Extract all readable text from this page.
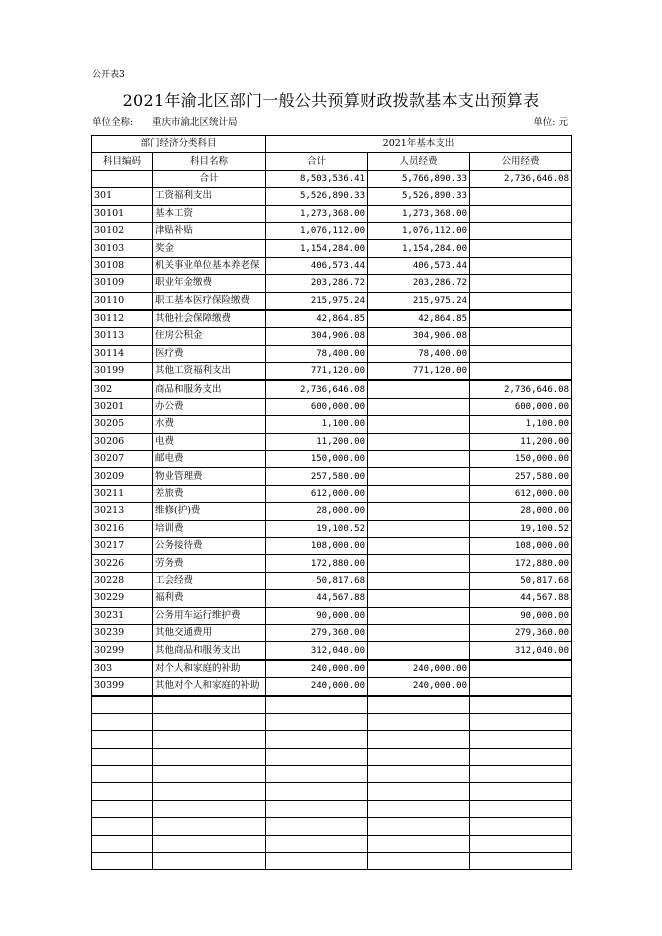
公开表3
2021年渝北区部门一般公共预算财政拨款基本支出预算表
单位全称: 重庆市渝北区统计局	单位: 元
部门经济分类科目		2021年基本支出		
科目编码	科目名称	合计	人员经费	公用经费
	合计	8,503,536.41	5,766,890.33	2,736,646.08
301	工资福利支出	5,526,890.33	5,526,890.33	
30101	基本工资	1,273,368.00	1,273,368.00	
30102	津贴补贴	1,076,112.00	1,076,112.00	
30103	奖金	1,154,284.00	1,154,284.00	
30108	机关事业单位基本养老保	406,573.44	406,573.44	
30109	职业年金缴费	203,286.72	203,286.72	
30110	职工基本医疗保险缴费	215,975.24	215,975.24	
30112	其他社会保障缴费	42,864.85	42,864.85	
30113	住房公积金	304,906.08	304,906.08	
30114	医疗费	78,400.00	78,400.00	
30199	其他工资福利支出	771,120.00	771,120.00	
302	商品和服务支出	2,736,646.08		2,736,646.08
30201	办公费	600,000.00		600,000.00
30205	水费	1,100.00		1,100.00
30206	电费	11,200.00		11,200.00
30207	邮电费	150,000.00		150,000.00
30209	物业管理费	257,580.00		257,580.00
30211	差旅费	612,000.00		612,000.00
30213	维修(护)费	28,000.00		28,000.00
30216	培训费	19,100.52		19,100.52
30217	公务接待费	108,000.00		108,000.00
30226	劳务费	172,880.00		172,880.00
30228	工会经费	50,817.68		50,817.68
30229	福利费	44,567.88		44,567.88
30231	公务用车运行维护费	90,000.00		90,000.00
30239	其他交通费用	279,360.00		279,360.00
30299	其他商品和服务支出	312,040.00		312,040.00
303	对个人和家庭的补助	240,000.00	240,000.00	
30399	其他对个人和家庭的补助	240,000.00	240,000.00	
